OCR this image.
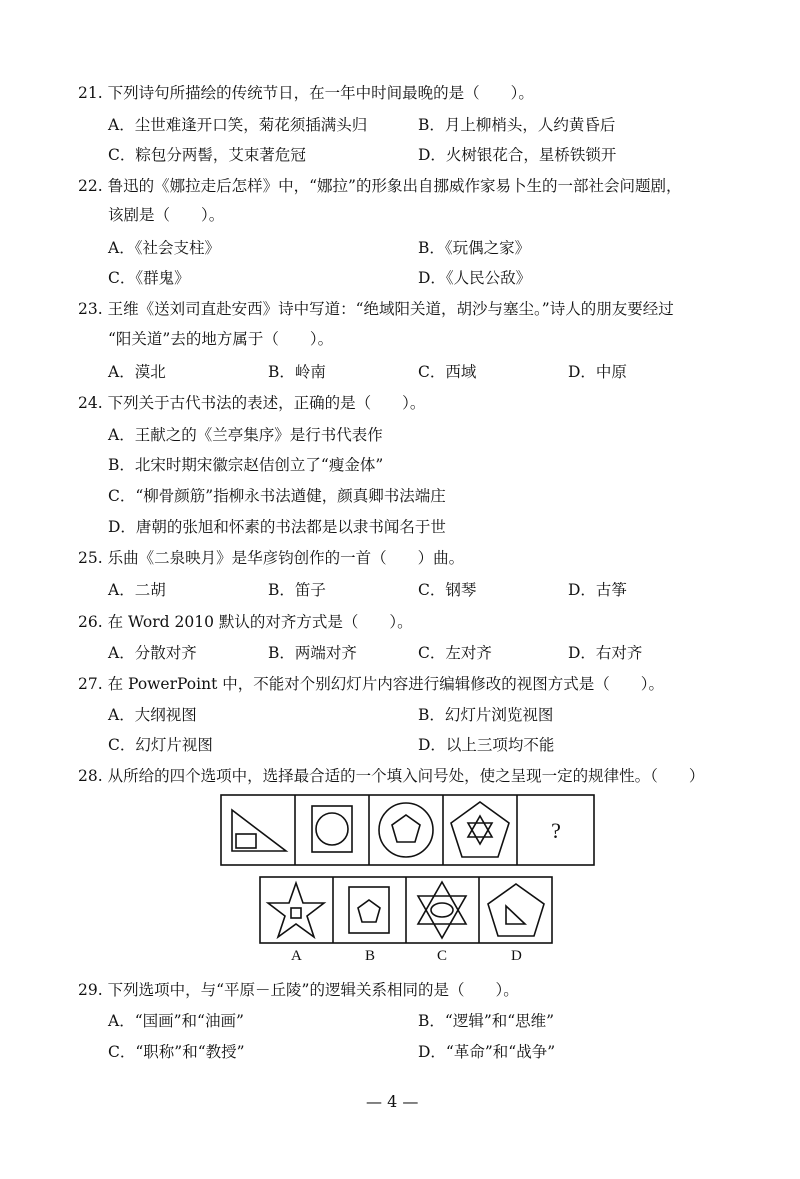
21. 下列诗句所描绘的传统节日，在一年中时间最晚的是（　　）。
A．尘世难逢开口笑，菊花须插满头归	B．月上柳梢头，人约黄昏后
C．粽包分两髻，艾束著危冠	D．火树银花合，星桥铁锁开
22. 鲁迅的《娜拉走后怎样》中，“娜拉”的形象出自挪威作家易卜生的一部社会问题剧，
该剧是（　　）。
A．《社会支柱》	B．《玩偶之家》
C．《群鬼》	D．《人民公敌》
23. 王维《送刘司直赴安西》诗中写道：“绝域阳关道，胡沙与塞尘。”诗人的朋友要经过
“阳关道”去的地方属于（　　）。
A．漠北	B．岭南	C．西域	D．中原
24. 下列关于古代书法的表述，正确的是（　　）。
A．王献之的《兰亭集序》是行书代表作
B．北宋时期宋徽宗赵佶创立了“瘦金体”
C．“柳骨颜筋”指柳永书法遒健，颜真卿书法端庄
D．唐朝的张旭和怀素的书法都是以隶书闻名于世
25. 乐曲《二泉映月》是华彦钧创作的一首（　　）曲。
A．二胡	B．笛子	C．钢琴	D．古筝
26. 在 Word 2010 默认的对齐方式是（　　）。
A．分散对齐	B．两端对齐	C．左对齐	D．右对齐
27. 在 PowerPoint 中，不能对个别幻灯片内容进行编辑修改的视图方式是（　　）。
A．大纲视图	B．幻灯片浏览视图
C．幻灯片视图	D．以上三项均不能
28. 从所给的四个选项中，选择最合适的一个填入问号处，使之呈现一定的规律性。（　　）
?
A	B	C	D
29. 下列选项中，与“平原－丘陵”的逻辑关系相同的是（　　）。
A．“国画”和“油画”	B．“逻辑”和“思维”
C．“职称”和“教授”	D．“革命”和“战争”
— 4 —
